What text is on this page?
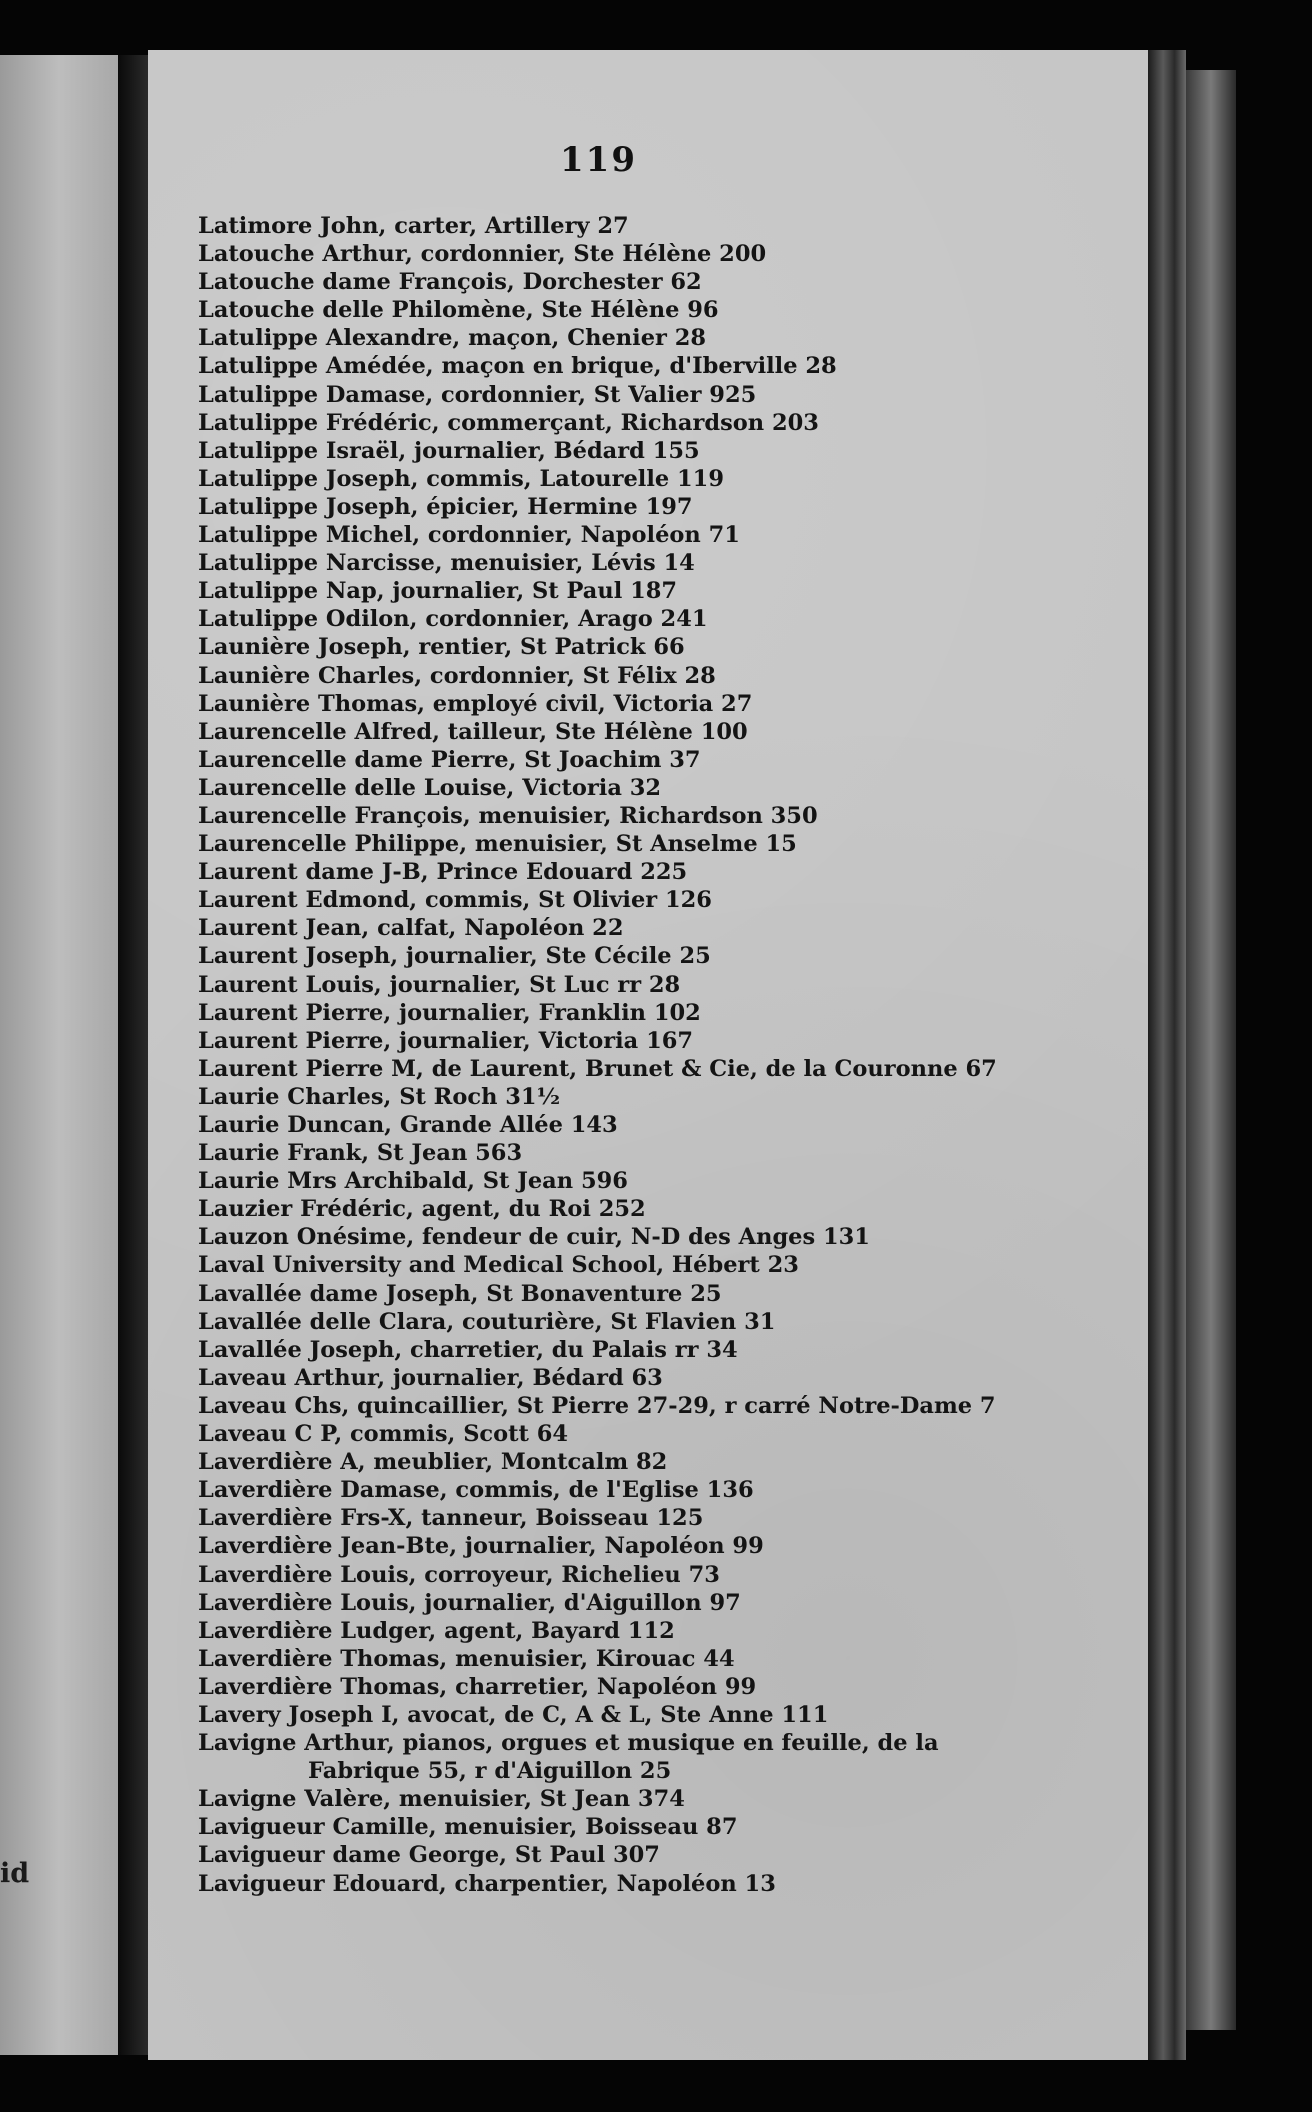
id
119
Latimore John, carter, Artillery 27
Latouche Arthur, cordonnier, Ste Hélène 200
Latouche dame François, Dorchester 62
Latouche delle Philomène, Ste Hélène 96
Latulippe Alexandre, maçon, Chenier 28
Latulippe Amédée, maçon en brique, d'Iberville 28
Latulippe Damase, cordonnier, St Valier 925
Latulippe Frédéric, commerçant, Richardson 203
Latulippe Israël, journalier, Bédard 155
Latulippe Joseph, commis, Latourelle 119
Latulippe Joseph, épicier, Hermine 197
Latulippe Michel, cordonnier, Napoléon 71
Latulippe Narcisse, menuisier, Lévis 14
Latulippe Nap, journalier, St Paul 187
Latulippe Odilon, cordonnier, Arago 241
Launière Joseph, rentier, St Patrick 66
Launière Charles, cordonnier, St Félix 28
Launière Thomas, employé civil, Victoria 27
Laurencelle Alfred, tailleur, Ste Hélène 100
Laurencelle dame Pierre, St Joachim 37
Laurencelle delle Louise, Victoria 32
Laurencelle François, menuisier, Richardson 350
Laurencelle Philippe, menuisier, St Anselme 15
Laurent dame J-B, Prince Edouard 225
Laurent Edmond, commis, St Olivier 126
Laurent Jean, calfat, Napoléon 22
Laurent Joseph, journalier, Ste Cécile 25
Laurent Louis, journalier, St Luc rr 28
Laurent Pierre, journalier, Franklin 102
Laurent Pierre, journalier, Victoria 167
Laurent Pierre M, de Laurent, Brunet & Cie, de la Couronne 67
Laurie Charles, St Roch 31½
Laurie Duncan, Grande Allée 143
Laurie Frank, St Jean 563
Laurie Mrs Archibald, St Jean 596
Lauzier Frédéric, agent, du Roi 252
Lauzon Onésime, fendeur de cuir, N-D des Anges 131
Laval University and Medical School, Hébert 23
Lavallée dame Joseph, St Bonaventure 25
Lavallée delle Clara, couturière, St Flavien 31
Lavallée Joseph, charretier, du Palais rr 34
Laveau Arthur, journalier, Bédard 63
Laveau Chs, quincaillier, St Pierre 27-29, r carré Notre-Dame 7
Laveau C P, commis, Scott 64
Laverdière A, meublier, Montcalm 82
Laverdière Damase, commis, de l'Eglise 136
Laverdière Frs-X, tanneur, Boisseau 125
Laverdière Jean-Bte, journalier, Napoléon 99
Laverdière Louis, corroyeur, Richelieu 73
Laverdière Louis, journalier, d'Aiguillon 97
Laverdière Ludger, agent, Bayard 112
Laverdière Thomas, menuisier, Kirouac 44
Laverdière Thomas, charretier, Napoléon 99
Lavery Joseph I, avocat, de C, A & L, Ste Anne 111
Lavigne Arthur, pianos, orgues et musique en feuille, de la
Fabrique 55, r d'Aiguillon 25
Lavigne Valère, menuisier, St Jean 374
Lavigueur Camille, menuisier, Boisseau 87
Lavigueur dame George, St Paul 307
Lavigueur Edouard, charpentier, Napoléon 13
